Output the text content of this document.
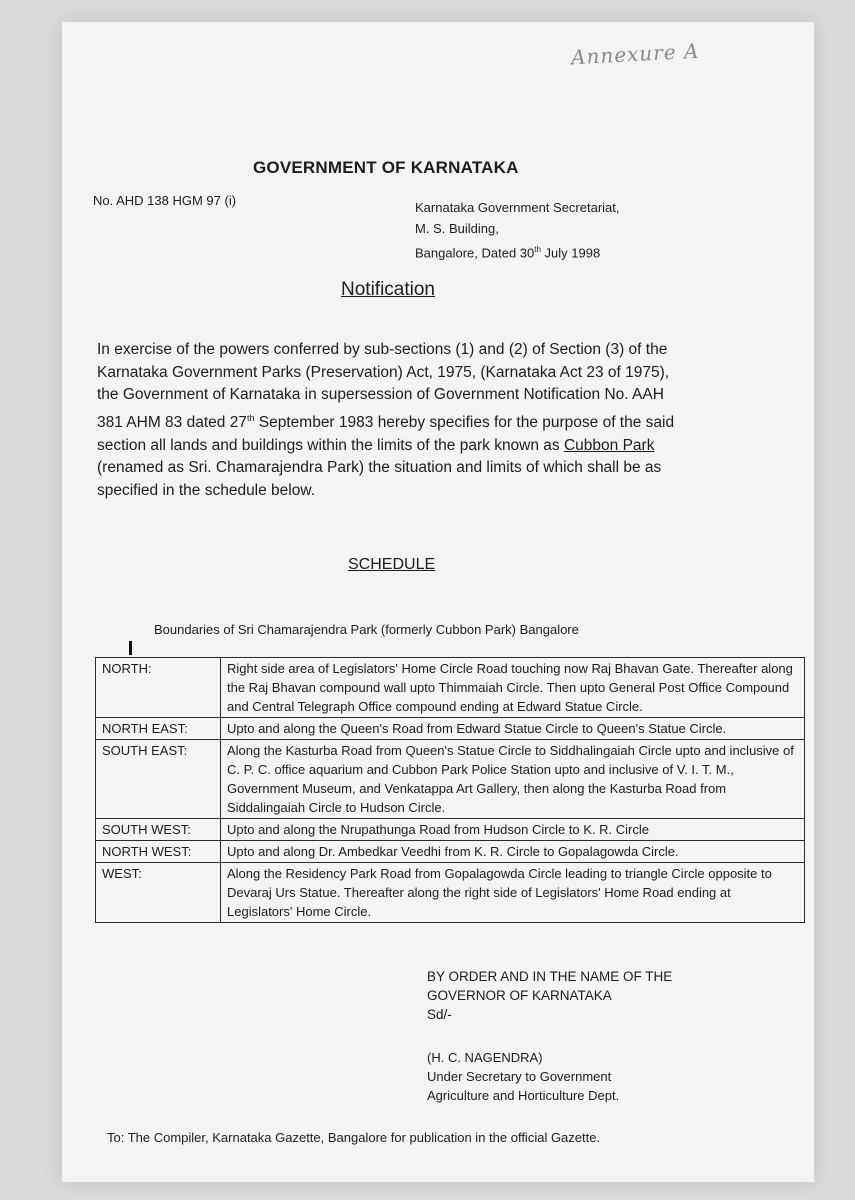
Annexure A
GOVERNMENT OF KARNATAKA
No. AHD 138 HGM 97 (i)	Karnataka Government Secretariat,
M. S. Building,
Bangalore, Dated 30th July 1998
Notification
In exercise of the powers conferred by sub-sections (1) and (2) of Section (3) of the Karnataka Government Parks (Preservation) Act, 1975, (Karnataka Act 23 of 1975), the Government of Karnataka in supersession of Government Notification No. AAH 381 AHM 83 dated 27th September 1983 hereby specifies for the purpose of the said section all lands and buildings within the limits of the park known as Cubbon Park (renamed as Sri. Chamarajendra Park) the situation and limits of which shall be as specified in the schedule below.
SCHEDULE
Boundaries of Sri Chamarajendra Park (formerly Cubbon Park) Bangalore
NORTH:	Right side area of Legislators' Home Circle Road touching now Raj Bhavan Gate. Thereafter along the Raj Bhavan compound wall upto Thimmaiah Circle. Then upto General Post Office Compound and Central Telegraph Office compound ending at Edward Statue Circle.
NORTH EAST:	Upto and along the Queen's Road from Edward Statue Circle to Queen's Statue Circle.
SOUTH EAST:	Along the Kasturba Road from Queen's Statue Circle to Siddhalingaiah Circle upto and inclusive of C. P. C. office aquarium and Cubbon Park Police Station upto and inclusive of V. I. T. M., Government Museum, and Venkatappa Art Gallery, then along the Kasturba Road from Siddalingaiah Circle to Hudson Circle.
SOUTH WEST:	Upto and along the Nrupathunga Road from Hudson Circle to K. R. Circle
NORTH WEST:	Upto and along Dr. Ambedkar Veedhi from K. R. Circle to Gopalagowda Circle.
WEST:	Along the Residency Park Road from Gopalagowda Circle leading to triangle Circle opposite to Devaraj Urs Statue. Thereafter along the right side of Legislators' Home Road ending at Legislators' Home Circle.
BY ORDER AND IN THE NAME OF THE
GOVERNOR OF KARNATAKA
Sd/-
(H. C. NAGENDRA)
Under Secretary to Government
Agriculture and Horticulture Dept.
To: The Compiler, Karnataka Gazette, Bangalore for publication in the official Gazette.
